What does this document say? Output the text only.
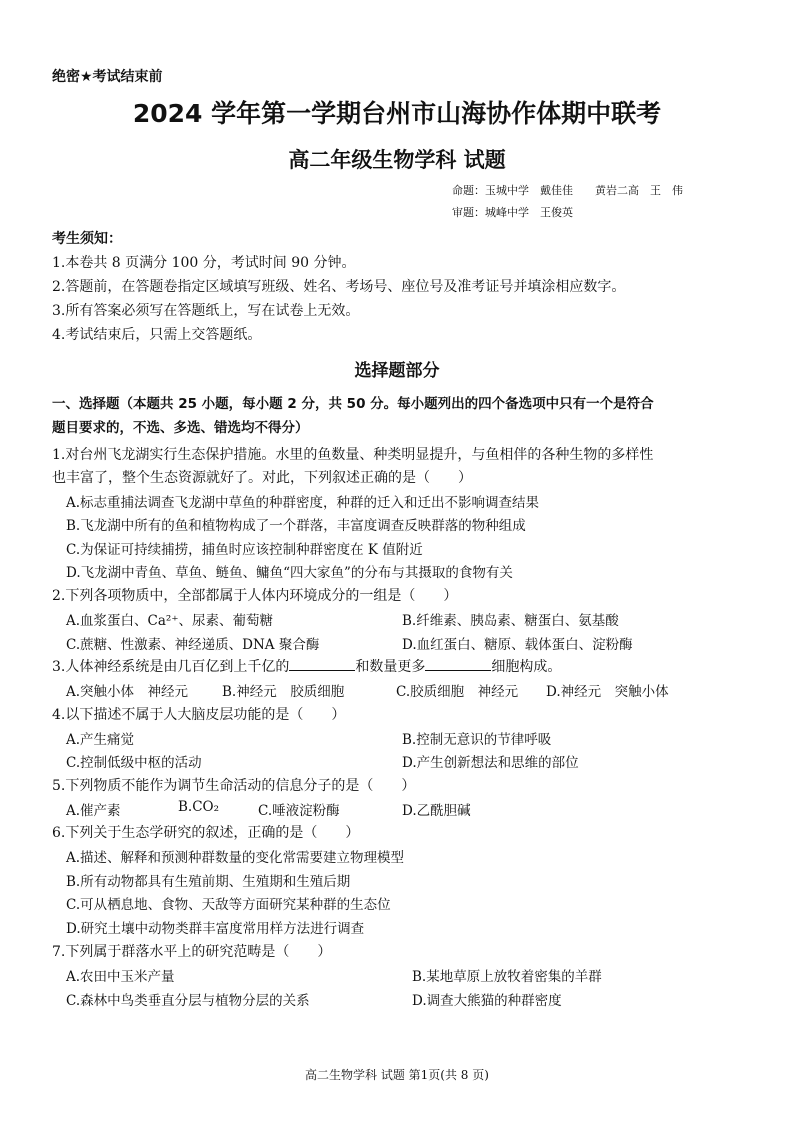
绝密★考试结束前
2024 学年第一学期台州市山海协作体期中联考
高二年级生物学科 试题
命题：玉城中学　戴佳佳　　黄岩二高　王　伟
审题：城峰中学　王俊英
考生须知：
1.本卷共 8 页满分 100 分，考试时间 90 分钟。
2.答题前，在答题卷指定区域填写班级、姓名、考场号、座位号及准考证号并填涂相应数字。
3.所有答案必须写在答题纸上，写在试卷上无效。
4.考试结束后，只需上交答题纸。
选择题部分
一、选择题（本题共 25 小题，每小题 2 分，共 50 分。每小题列出的四个备选项中只有一个是符合
题目要求的，不选、多选、错选均不得分）
1.对台州飞龙湖实行生态保护措施。水里的鱼数量、种类明显提升，与鱼相伴的各种生物的多样性
也丰富了，整个生态资源就好了。对此，下列叙述正确的是（　　）
A.标志重捕法调查飞龙湖中草鱼的种群密度，种群的迁入和迁出不影响调查结果
B.飞龙湖中所有的鱼和植物构成了一个群落，丰富度调查反映群落的物种组成
C.为保证可持续捕捞，捕鱼时应该控制种群密度在 K 值附近
D.飞龙湖中青鱼、草鱼、鲢鱼、鳙鱼“四大家鱼”的分布与其摄取的食物有关
2.下列各项物质中，全部都属于人体内环境成分的一组是（　　）
A.血浆蛋白、Ca²⁺、尿素、葡萄糖	B.纤维素、胰岛素、糖蛋白、氨基酸
C.蔗糖、性激素、神经递质、DNA 聚合酶	D.血红蛋白、糖原、载体蛋白、淀粉酶
3.人体神经系统是由几百亿到上千亿的	和数量更多	细胞构成。
A.突触小体　神经元	B.神经元　胶质细胞	C.胶质细胞　神经元 D.神经元　突触小体
4.以下描述不属于人大脑皮层功能的是（　　）
A.产生痛觉	B.控制无意识的节律呼吸
C.控制低级中枢的活动	D.产生创新想法和思维的部位
5.下列物质不能作为调节生命活动的信息分子的是（　　）
A.催产素	B.CO₂	C.唾液淀粉酶	D.乙酰胆碱
6.下列关于生态学研究的叙述，正确的是（　　）
A.描述、解释和预测种群数量的变化常需要建立物理模型
B.所有动物都具有生殖前期、生殖期和生殖后期
C.可从栖息地、食物、天敌等方面研究某种群的生态位
D.研究土壤中动物类群丰富度常用样方法进行调查
7.下列属于群落水平上的研究范畴是（　　）
A.农田中玉米产量	B.某地草原上放牧着密集的羊群
C.森林中鸟类垂直分层与植物分层的关系	D.调查大熊猫的种群密度
高二生物学科 试题 第1页(共 8 页)
